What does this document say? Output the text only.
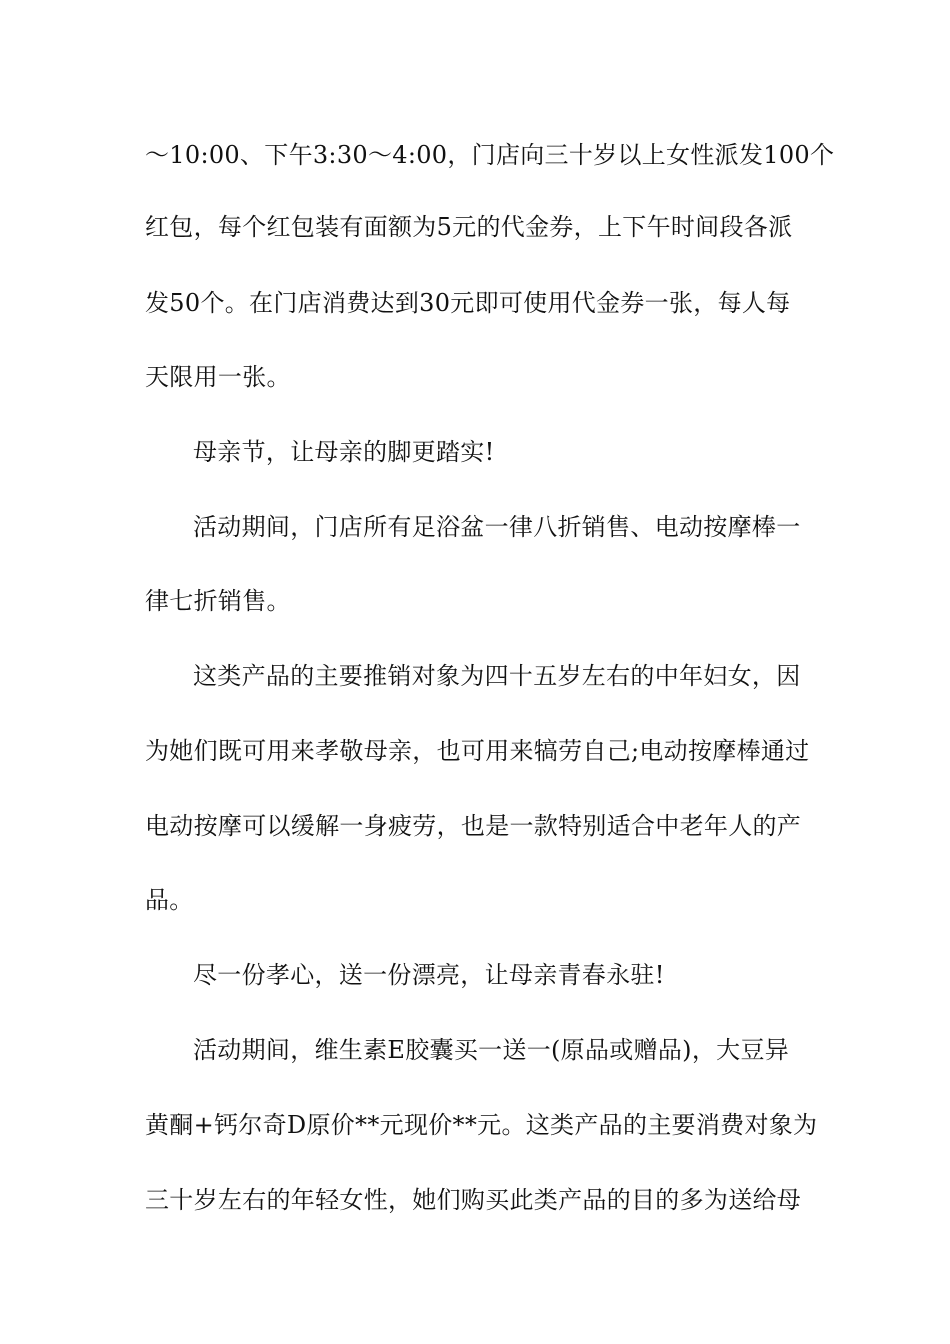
～10:00、下午3:30～4:00，门店向三十岁以上女性派发100个
红包，每个红包装有面额为5元的代金券，上下午时间段各派
发50个。在门店消费达到30元即可使用代金券一张，每人每
天限用一张。
母亲节，让母亲的脚更踏实!
活动期间，门店所有足浴盆一律八折销售、电动按摩棒一
律七折销售。
这类产品的主要推销对象为四十五岁左右的中年妇女，因
为她们既可用来孝敬母亲，也可用来犒劳自己;电动按摩棒通过
电动按摩可以缓解一身疲劳，也是一款特别适合中老年人的产
品。
尽一份孝心，送一份漂亮，让母亲青春永驻!
活动期间，维生素E胶囊买一送一(原品或赠品)，大豆异
黄酮+钙尔奇D原价**元现价**元。这类产品的主要消费对象为
三十岁左右的年轻女性，她们购买此类产品的目的多为送给母
